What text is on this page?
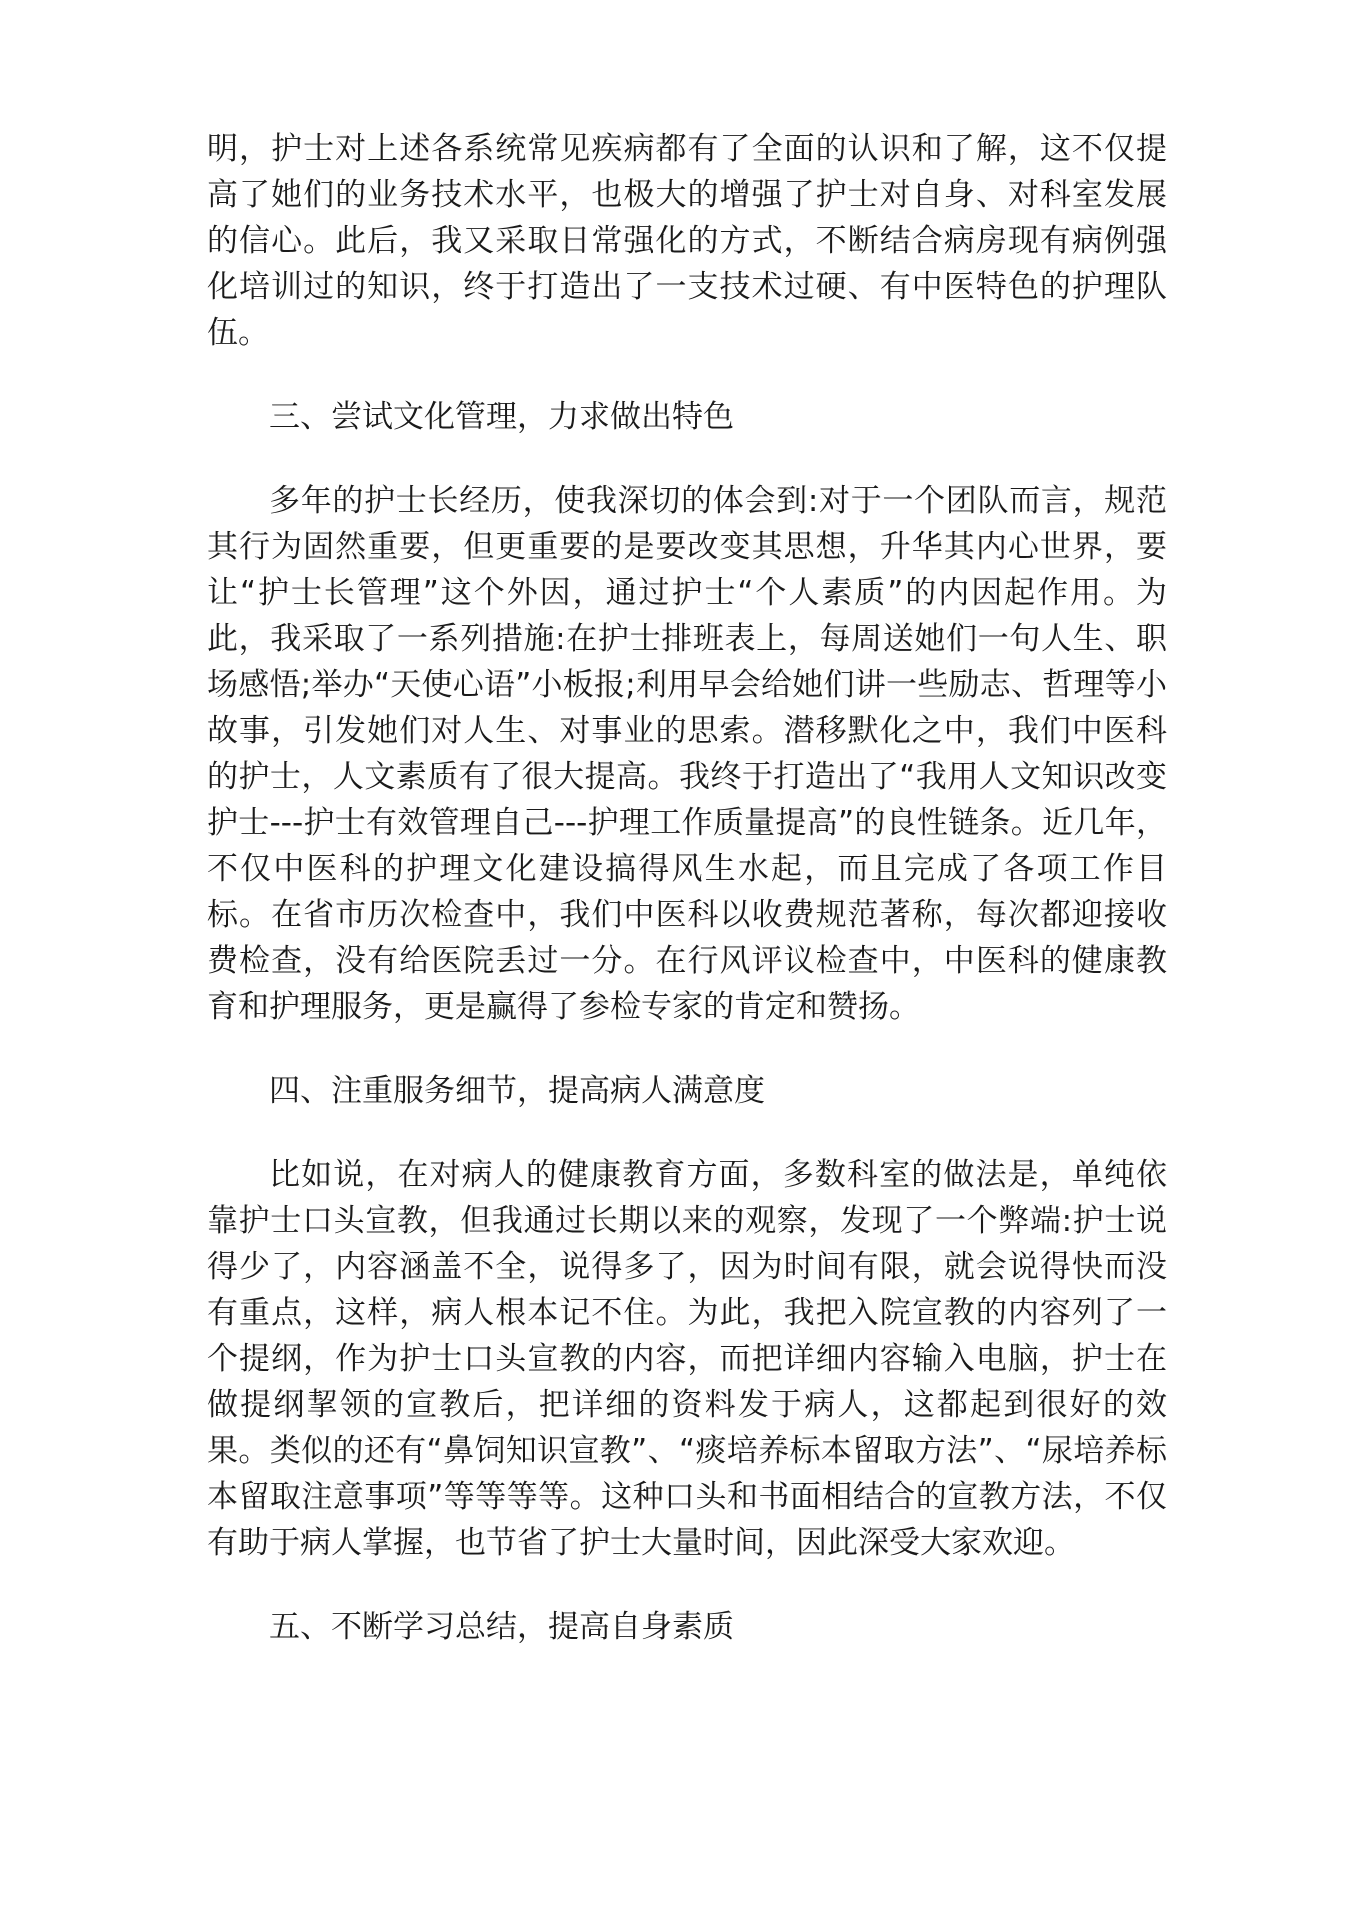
明，护士对上述各系统常见疾病都有了全面的认识和了解，这不仅提高了她们的业务技术水平，也极大的增强了护士对自身、对科室发展的信心。此后，我又采取日常强化的方式，不断结合病房现有病例强化培训过的知识，终于打造出了一支技术过硬、有中医特色的护理队伍。

三、尝试文化管理，力求做出特色

多年的护士长经历，使我深切的体会到:对于一个团队而言，规范其行为固然重要，但更重要的是要改变其思想，升华其内心世界，要让“护士长管理”这个外因，通过护士“个人素质”的内因起作用。为此，我采取了一系列措施:在护士排班表上，每周送她们一句人生、职场感悟;举办“天使心语”小板报;利用早会给她们讲一些励志、哲理等小故事，引发她们对人生、对事业的思索。潜移默化之中，我们中医科的护士，人文素质有了很大提高。我终于打造出了“我用人文知识改变护士---护士有效管理自己---护理工作质量提高”的良性链条。近几年，不仅中医科的护理文化建设搞得风生水起，而且完成了各项工作目标。在省市历次检查中，我们中医科以收费规范著称，每次都迎接收费检查，没有给医院丢过一分。在行风评议检查中，中医科的健康教育和护理服务，更是赢得了参检专家的肯定和赞扬。

四、注重服务细节，提高病人满意度

比如说，在对病人的健康教育方面，多数科室的做法是，单纯依靠护士口头宣教，但我通过长期以来的观察，发现了一个弊端:护士说得少了，内容涵盖不全，说得多了，因为时间有限，就会说得快而没有重点，这样，病人根本记不住。为此，我把入院宣教的内容列了一个提纲，作为护士口头宣教的内容，而把详细内容输入电脑，护士在做提纲挈领的宣教后，把详细的资料发于病人，这都起到很好的效果。类似的还有“鼻饲知识宣教”、“痰培养标本留取方法”、“尿培养标本留取注意事项”等等等等。这种口头和书面相结合的宣教方法，不仅有助于病人掌握，也节省了护士大量时间，因此深受大家欢迎。

五、不断学习总结，提高自身素质
